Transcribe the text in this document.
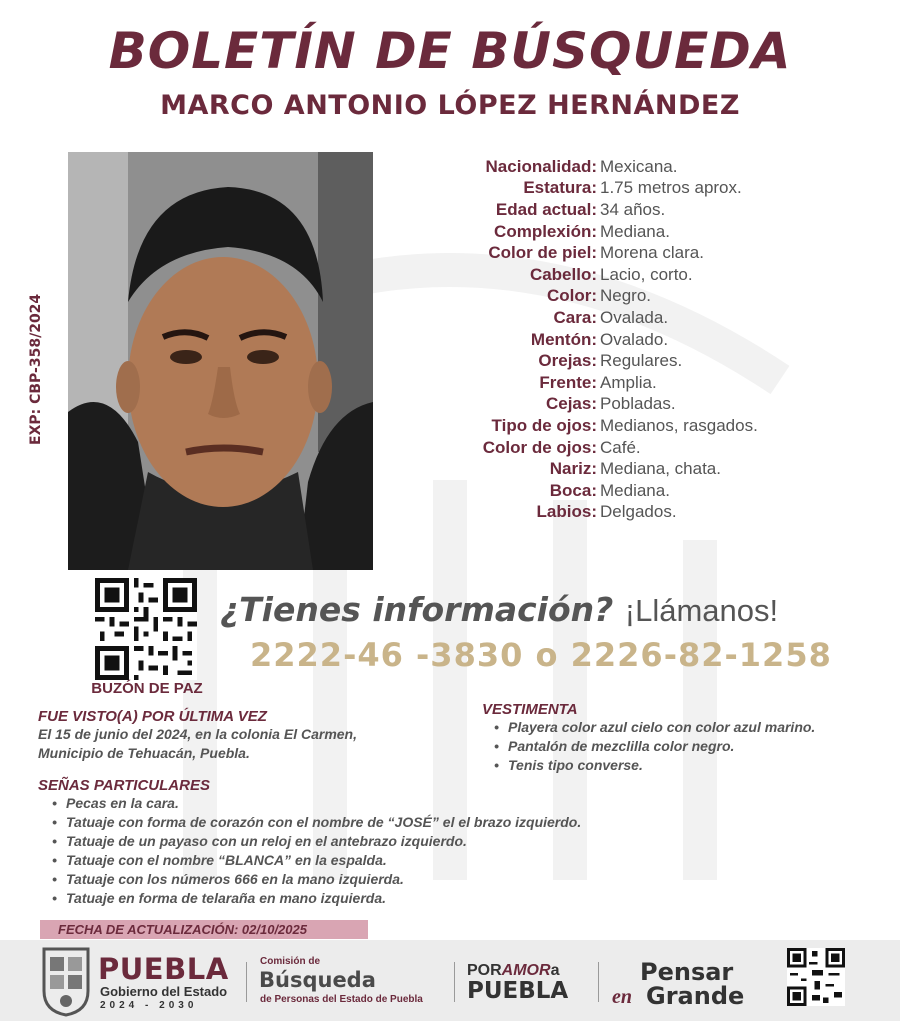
BOLETÍN DE BÚSQUEDA
MARCO ANTONIO LÓPEZ HERNÁNDEZ
EXP: CBP-358/2024
Nacionalidad: Mexicana.
Estatura: 1.75 metros aprox.
Edad actual: 34 años.
Complexión: Mediana.
Color de piel: Morena clara.
Cabello: Lacio, corto.
Color: Negro.
Cara: Ovalada.
Mentón: Ovalado.
Orejas: Regulares.
Frente: Amplia.
Cejas: Pobladas.
Tipo de ojos: Medianos, rasgados.
Color de ojos: Café.
Nariz: Mediana, chata.
Boca: Mediana.
Labios: Delgados.
BUZÓN DE PAZ
¿Tienes información? ¡Llámanos!
2222-46 -3830 o 2226-82-1258
FUE VISTO(A) POR ÚLTIMA VEZ
El 15 de junio del 2024, en la colonia El Carmen,
Municipio de Tehuacán, Puebla.
VESTIMENTA
• Playera color azul cielo con color azul marino.
• Pantalón de mezclilla color negro.
• Tenis tipo converse.
SEÑAS PARTICULARES
• Pecas en la cara.
• Tatuaje con forma de corazón con el nombre de “JOSÉ” el el brazo izquierdo.
• Tatuaje de un payaso con un reloj en el antebrazo izquierdo.
• Tatuaje con el nombre “BLANCA” en la espalda.
• Tatuaje con los números 666 en la mano izquierda.
• Tatuaje en forma de telaraña en mano izquierda.
FECHA DE ACTUALIZACIÓN: 02/10/2025
PUEBLA
Gobierno del Estado
2024 - 2030
Comisión de
Búsqueda
de Personas del Estado de Puebla
PORAMORa
PUEBLA
Pensar
en Grande
